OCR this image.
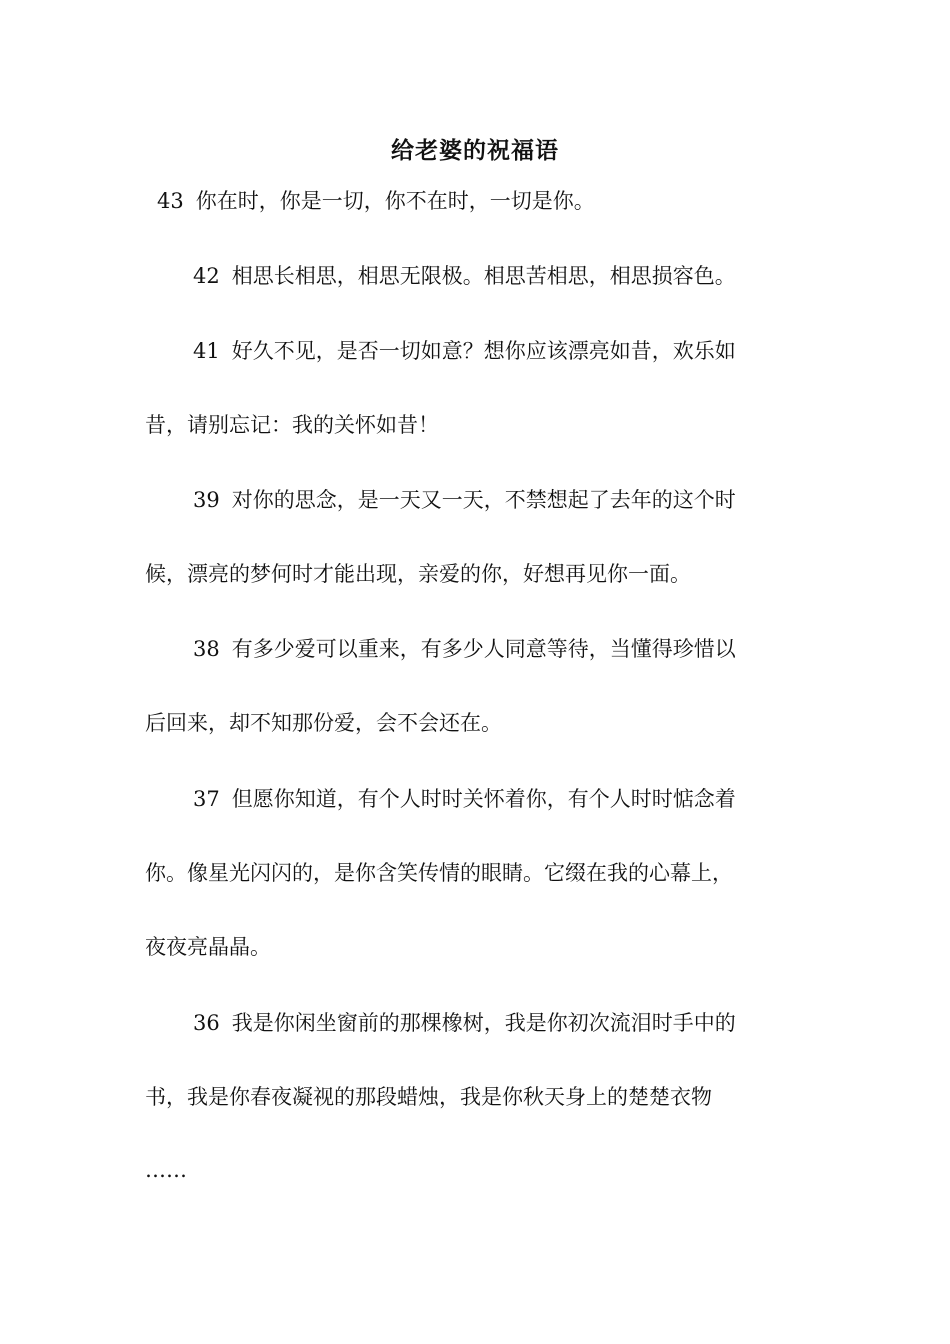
给老婆的祝福语
43 你在时，你是一切，你不在时，一切是你。
42 相思长相思，相思无限极。相思苦相思，相思损容色。
41 好久不见，是否一切如意？想你应该漂亮如昔，欢乐如
昔，请别忘记：我的关怀如昔！
39 对你的思念，是一天又一天，不禁想起了去年的这个时
候，漂亮的梦何时才能出现，亲爱的你，好想再见你一面。
38 有多少爱可以重来，有多少人同意等待，当懂得珍惜以
后回来，却不知那份爱，会不会还在。
37 但愿你知道，有个人时时关怀着你，有个人时时惦念着
你。像星光闪闪的，是你含笑传情的眼睛。它缀在我的心幕上，
夜夜亮晶晶。
36 我是你闲坐窗前的那棵橡树，我是你初次流泪时手中的
书，我是你春夜凝视的那段蜡烛，我是你秋天身上的楚楚衣物
……
